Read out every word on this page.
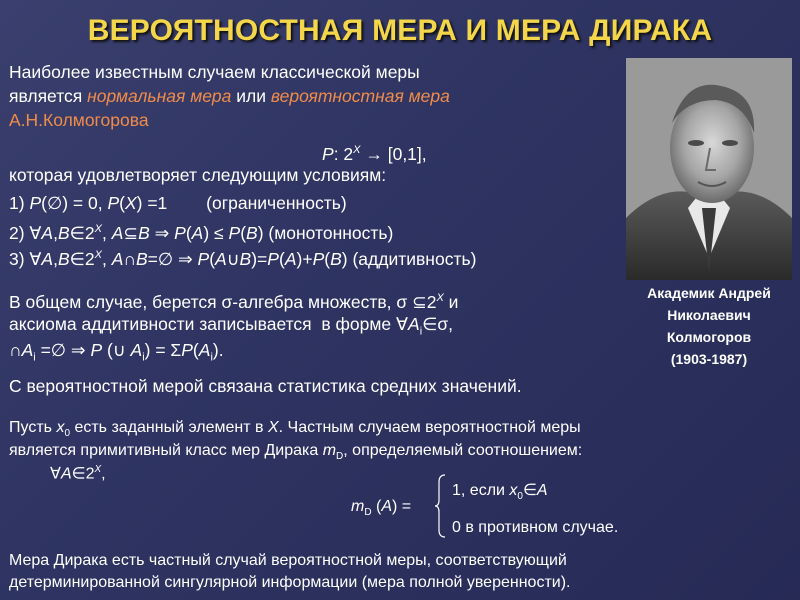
ВЕРОЯТНОСТНАЯ МЕРА И МЕРА ДИРАКА
Наиболее известным случаем классической меры
является нормальная мера или вероятностная мера
А.Н.Колмогорова
P: $2^X \to [0,1]$,
которая удовлетворяет следующим условиям:
1) P(∅) = 0, P(X) =1        (ограниченность)
2) $\forall A,B\in 2^X$, A⊆B ⇒ P(A) ≤ P(B) (монотонность)
3) $\forall A,B\in 2^X$, A∩B=∅ ⇒ P(A∪B)=P(A)+P(B) (аддитивность)
В общем случае, берется σ-алгебра множеств, σ $⊆2^X$ и
аксиома аддитивности записывается  в форме $\forall A_i\in\sigma$,
$\cap A_i$ =∅ ⇒ P (∪ $A_i) = \Sigma P(A_i)$.
С вероятностной мерой связана статистика средних значений.
Пусть $x_0$ есть заданный элемент в X. Частным случаем вероятностной меры
является примитивный класс мер Дирака $m_D$, определяемый соотношением:
$\forall A\in 2^X$,
$m_D$ (A) =
1, если $x_0\in A$
0 в противном случае.
Мера Дирака есть частный случай вероятностной меры, соответствующий
детерминированной сингулярной информации (мера полной уверенности).
Академик Андрей
Николаевич
Колмогоров
(1903-1987)
